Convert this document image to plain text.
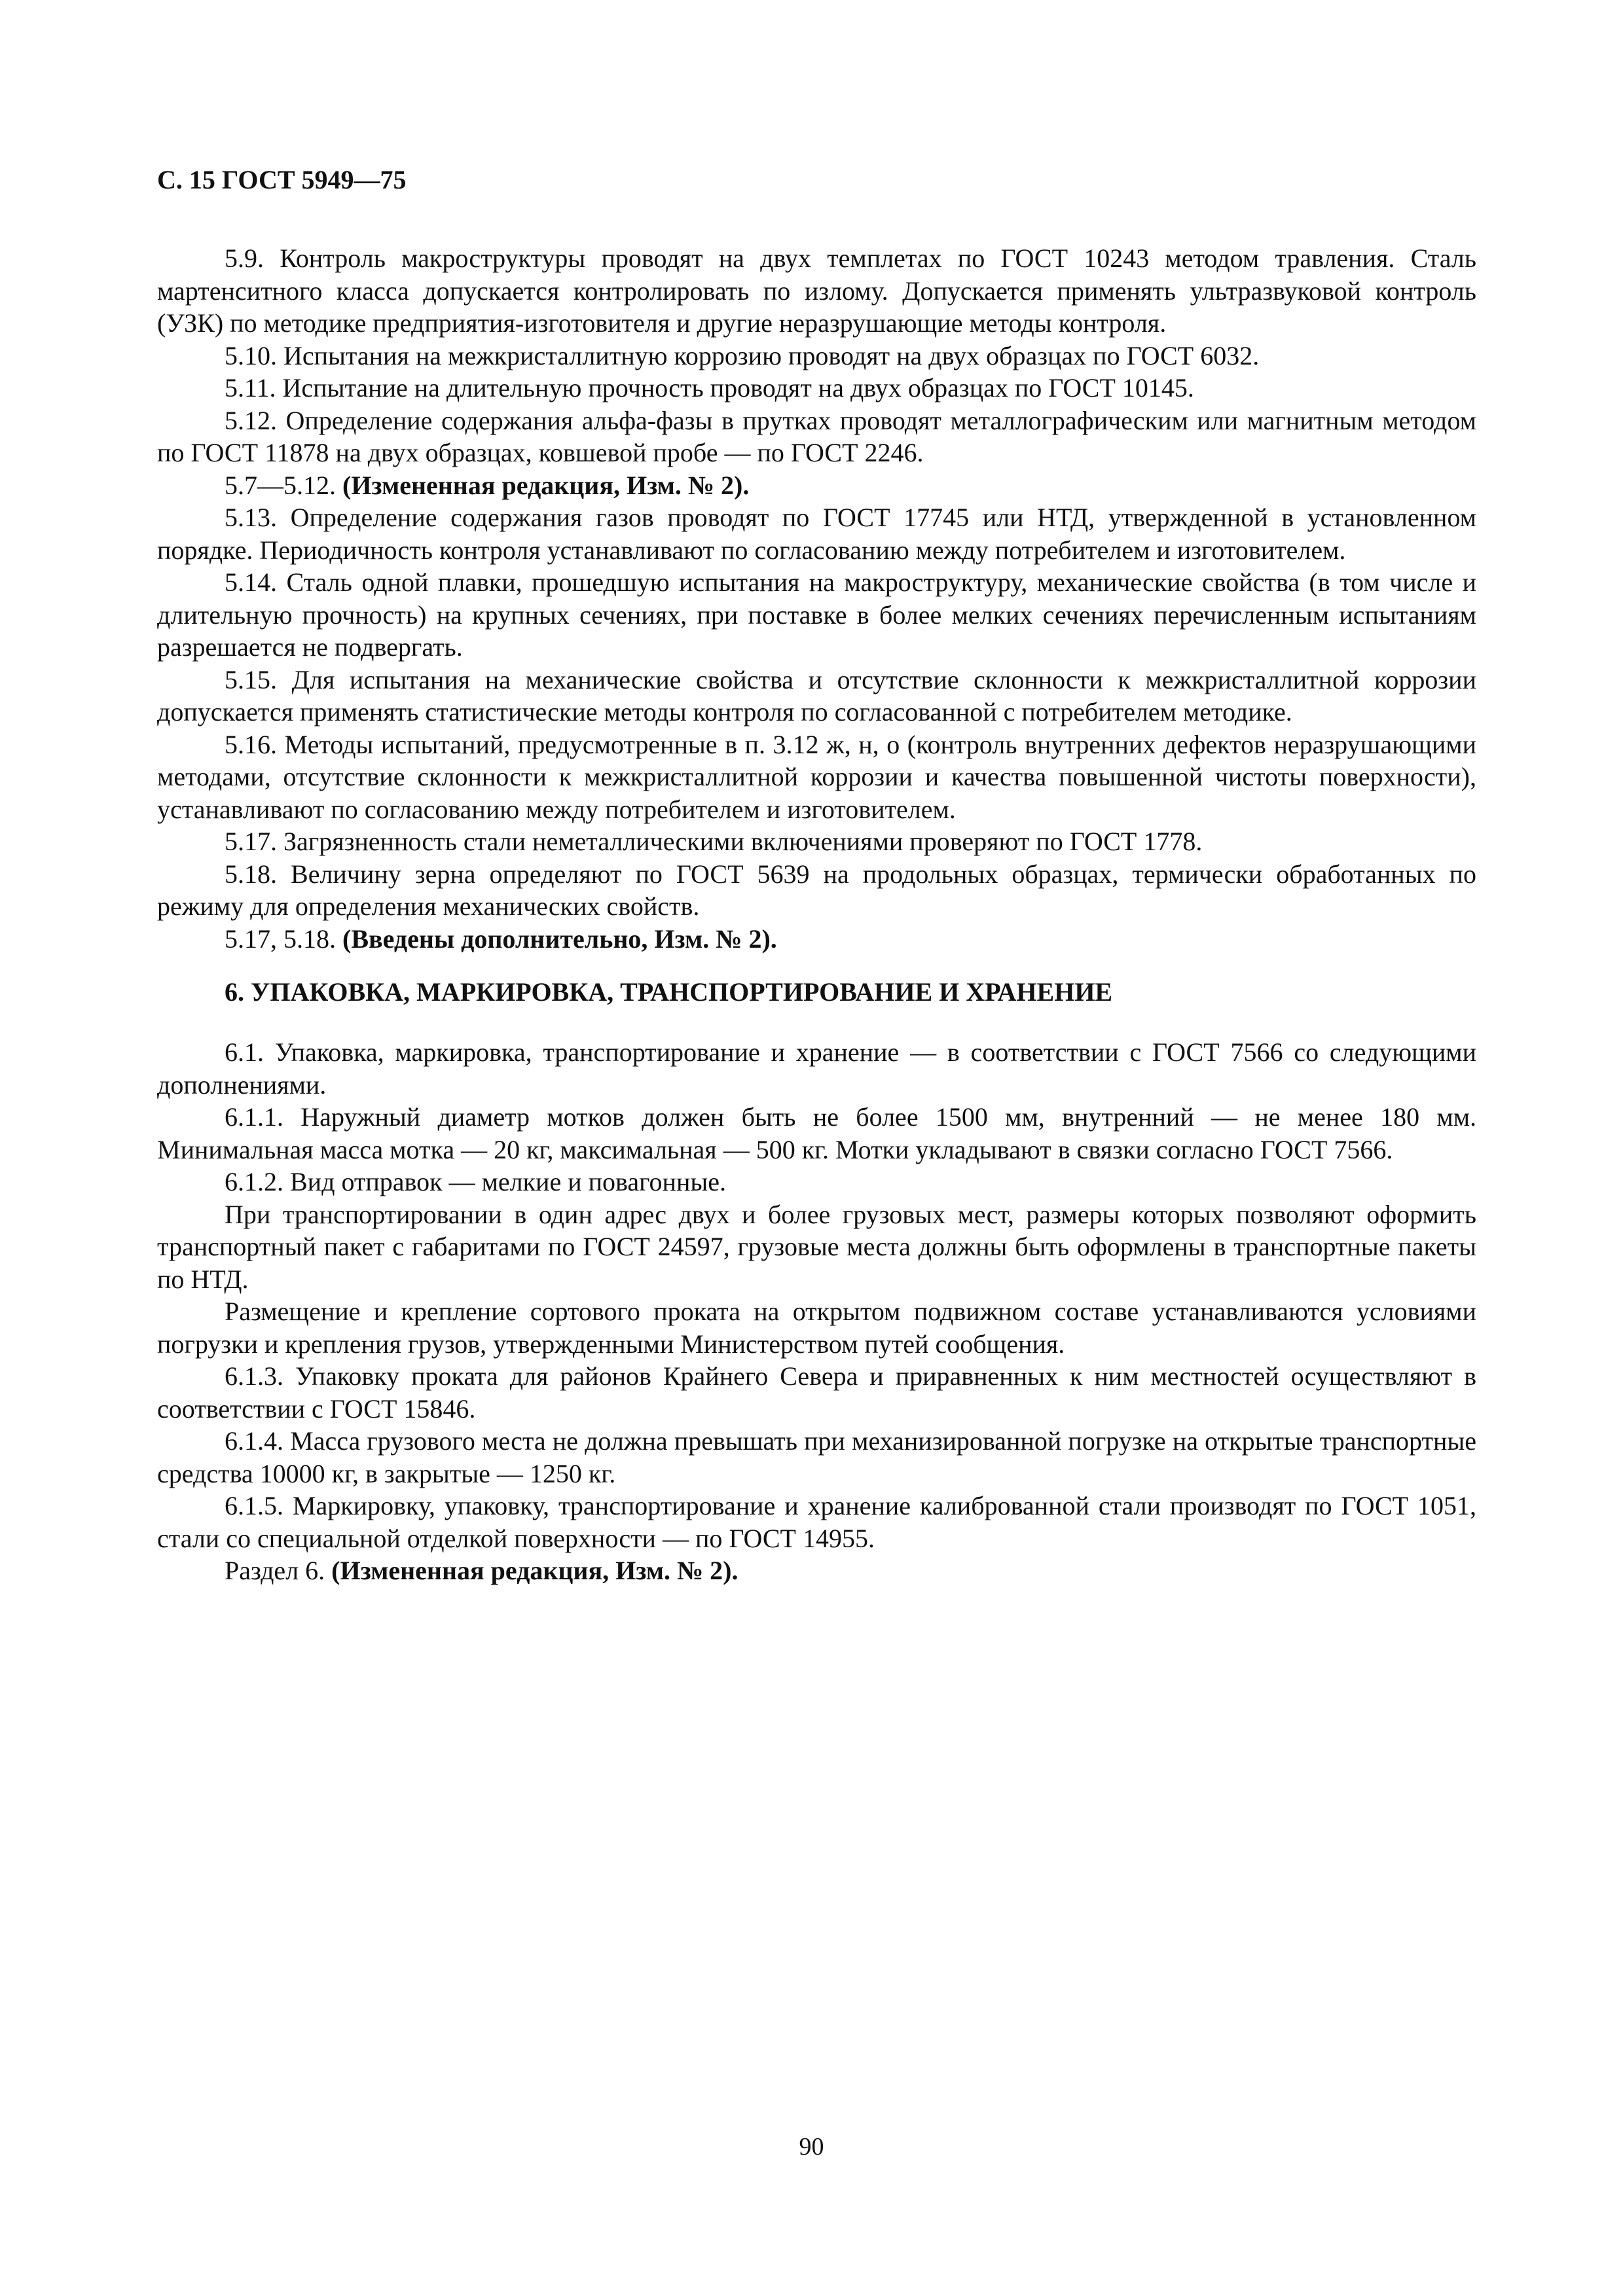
С. 15 ГОСТ 5949—75

5.9. Контроль макроструктуры проводят на двух темплетах по ГОСТ 10243 методом травления. Сталь мартенситного класса допускается контролировать по излому. Допускается применять ультразвуковой контроль (УЗК) по методике предприятия-изготовителя и другие неразрушающие методы контроля.

5.10. Испытания на межкристаллитную коррозию проводят на двух образцах по ГОСТ 6032.

5.11. Испытание на длительную прочность проводят на двух образцах по ГОСТ 10145.

5.12. Определение содержания альфа-фазы в прутках проводят металлографическим или магнитным методом по ГОСТ 11878 на двух образцах, ковшевой пробе — по ГОСТ 2246.

5.7—5.12. (Измененная редакция, Изм. № 2).

5.13. Определение содержания газов проводят по ГОСТ 17745 или НТД, утвержденной в установленном порядке. Периодичность контроля устанавливают по согласованию между потребителем и изготовителем.

5.14. Сталь одной плавки, прошедшую испытания на макроструктуру, механические свойства (в том числе и длительную прочность) на крупных сечениях, при поставке в более мелких сечениях перечисленным испытаниям разрешается не подвергать.

5.15. Для испытания на механические свойства и отсутствие склонности к межкристаллитной коррозии допускается применять статистические методы контроля по согласованной с потребителем методике.

5.16. Методы испытаний, предусмотренные в п. 3.12 ж, н, о (контроль внутренних дефектов неразрушающими методами, отсутствие склонности к межкристаллитной коррозии и качества повышенной чистоты поверхности), устанавливают по согласованию между потребителем и изготовителем.

5.17. Загрязненность стали неметаллическими включениями проверяют по ГОСТ 1778.

5.18. Величину зерна определяют по ГОСТ 5639 на продольных образцах, термически обработанных по режиму для определения механических свойств.

5.17, 5.18. (Введены дополнительно, Изм. № 2).

6. УПАКОВКА, МАРКИРОВКА, ТРАНСПОРТИРОВАНИЕ И ХРАНЕНИЕ

6.1. Упаковка, маркировка, транспортирование и хранение — в соответствии с ГОСТ 7566 со следующими дополнениями.

6.1.1. Наружный диаметр мотков должен быть не более 1500 мм, внутренний — не менее 180 мм. Минимальная масса мотка — 20 кг, максимальная — 500 кг. Мотки укладывают в связки согласно ГОСТ 7566.

6.1.2. Вид отправок — мелкие и повагонные.

При транспортировании в один адрес двух и более грузовых мест, размеры которых позволяют оформить транспортный пакет с габаритами по ГОСТ 24597, грузовые места должны быть оформлены в транспортные пакеты по НТД.

Размещение и крепление сортового проката на открытом подвижном составе устанавливаются условиями погрузки и крепления грузов, утвержденными Министерством путей сообщения.

6.1.3. Упаковку проката для районов Крайнего Севера и приравненных к ним местностей осуществляют в соответствии с ГОСТ 15846.

6.1.4. Масса грузового места не должна превышать при механизированной погрузке на открытые транспортные средства 10000 кг, в закрытые — 1250 кг.

6.1.5. Маркировку, упаковку, транспортирование и хранение калиброванной стали производят по ГОСТ 1051, стали со специальной отделкой поверхности — по ГОСТ 14955.

Раздел 6. (Измененная редакция, Изм. № 2).

90
